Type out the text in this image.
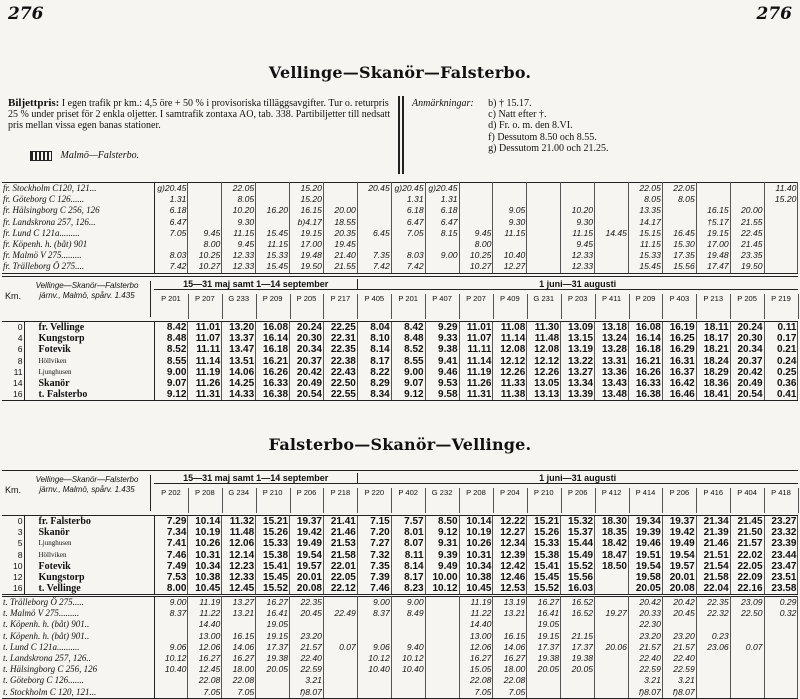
276	276
Vellinge—Skanör—Falsterbo.
Biljettpris: I egen trafik pr km.: 4,5 öre + 50 % i provisoriska tilläggsavgifter. Tur o. returpris 25 % under priset för 2 enkla oljetter. I samtrafik zontaxa AO, tab. 338. Partibiljetter till nedsatt pris mellan vissa egen banas stationer.
Malmö—Falsterbo.
Anmärkningar: b) † 15.17.
c) Natt efter †.
d) Fr. o. m. den 8.VI.
f) Dessutom 8.50 och 8.55.
g) Dessutom 21.00 och 21.25.
fr. Stockholm C120, 121...	g)20.45		22.05		15.20		20.45	g)20.45	g)20.45						22.05	22.05			11.40
fr. Göteborg C 126......	1.31		8.05		15.20			1.31	1.31						8.05	8.05			15.20
fr. Hälsingborg C 256, 126	6.18		10.20	16.20	16.15	20.00		6.18	6.18		9.05		10.20		13.35		16.15	20.00	
fr. Landskrona 257, 126...	6.47		9.30		b)4.17	18.55		6.47	6.47		9.30		9.30		14.17		†5.17	21.55	
fr. Lund C 121a.........	7.05	9.45	11.15	15.45	19.15	20.35	6.45	7.05	8.15	9.45	11.15		11.15	14.45	15.15	16.45	19.15	22.45	
fr. Köpenh. h. (båt) 901		8.00	9.45	11.15	17.00	19.45				8.00			9.45		11.15	15.30	17.00	21.45	
fr. Malmö V 275.........	8.03	10.25	12.33	15.33	19.48	21.40	7.35	8.03	9.00	10.25	10.40		12.33		15.33	17.35	19.48	23.35	
fr. Trälleborg Ö 275....	7.42	10.27	12.33	15.45	19.50	21.55	7.42	7.42		10.27	12.27		12.33		15.45	15.56	17.47	19.50	
Km.
Vellinge—Skanör—Falsterbo järnv., Malmö, spårv. 1.435
15—31 maj samt 1—14 september	1 juni—31 augusti
P 201	P 207	G 233	P 209	P 205	P 217	P 405	P 201	P 407	P 207	P 409	G 231	P 203	P 411	P 209	P 403	P 213	P 205	P 219
0	fr. Vellinge	8.42	11.01	13.20	16.08	20.24	22.25	8.04	8.42	9.29	11.01	11.08	11.30	13.09	13.18	16.08	16.19	18.11	20.24	0.11
4	Kungstorp	8.48	11.07	13.37	16.14	20.30	22.31	8.10	8.48	9.33	11.07	11.14	11.48	13.15	13.24	16.14	16.25	18.17	20.30	0.17
6	Fotevik	8.52	11.11	13.47	16.18	20.34	22.35	8.14	8.52	9.38	11.11	12.08	12.08	13.19	13.28	16.18	16.29	18.21	20.34	0.21
8	Höllviken	8.55	11.14	13.51	16.21	20.37	22.38	8.17	8.55	9.41	11.14	12.12	12.12	13.22	13.31	16.21	16.31	18.24	20.37	0.24
11	Ljunghusen	9.00	11.19	14.06	16.26	20.42	22.43	8.22	9.00	9.46	11.19	12.26	12.26	13.27	13.36	16.26	16.37	18.29	20.42	0.25
14	Skanör	9.07	11.26	14.25	16.33	20.49	22.50	8.29	9.07	9.53	11.26	11.33	13.05	13.34	13.43	16.33	16.42	18.36	20.49	0.36
16	t. Falsterbo	9.12	11.31	14.33	16.38	20.54	22.55	8.34	9.12	9.58	11.31	11.38	13.13	13.39	13.48	16.38	16.46	18.41	20.54	0.41
Falsterbo—Skanör—Vellinge.
Km.
Vellinge—Skanör—Falsterbo järnv., Malmö, spårv. 1.435
15—31 maj samt 1—14 september	1 juni—31 augusti
P 202	P 208	G 234	P 210	P 206	P 218	P 220	P 402	G 232	P 208	P 204	P 210	P 206	P 412	P 414	P 206	P 416	P 404	P 418
0	fr. Falsterbo	7.29	10.14	11.32	15.21	19.37	21.41	7.15	7.57	8.50	10.14	12.22	15.21	15.32	18.30	19.34	19.37	21.34	21.45	23.27
3	Skanör	7.34	10.19	11.48	15.26	19.42	21.46	7.20	8.01	9.12	10.19	12.27	15.26	15.37	18.35	19.39	19.42	21.39	21.50	23.32
5	Ljunghusen	7.41	10.26	12.06	15.33	19.49	21.53	7.27	8.07	9.31	10.26	12.34	15.33	15.44	18.42	19.46	19.49	21.46	21.57	23.39
8	Höllviken	7.46	10.31	12.14	15.38	19.54	21.58	7.32	8.11	9.39	10.31	12.39	15.38	15.49	18.47	19.51	19.54	21.51	22.02	23.44
10	Fotevik	7.49	10.34	12.23	15.41	19.57	22.01	7.35	8.14	9.49	10.34	12.42	15.41	15.52	18.50	19.54	19.57	21.54	22.05	23.47
12	Kungstorp	7.53	10.38	12.33	15.45	20.01	22.05	7.39	8.17	10.00	10.38	12.46	15.45	15.56		19.58	20.01	21.58	22.09	23.51
16	t. Vellinge	8.00	10.45	12.45	15.52	20.08	22.12	7.46	8.23	10.12	10.45	12.53	15.52	16.03		20.05	20.08	22.04	22.16	23.58
t. Trälleborg Ö 275.....	9.00	11.19	13.27	16.27	22.35		9.00	9.00		11.19	13.19	16.27	16.52		20.42	20.42	22.35	23.09	0.29
t. Malmö V 275.........	8.37	11.22	13.21	16.41	20.45	22.49	8.37	8.49		11.22	13.21	16.41	16.52	19.27	20.33	20.45	22.32	22.50	0.32
t. Köpenh. h. (båt) 901..		14.40		19.05						14.40		19.05			22.30				
t. Köpenh. h. (båt) 901..		13.00	16.15	19.15	23.20					13.00	16.15	19.15	21.15		23.20	23.20	0.23		
t. Lund C 121a..........	9.06	12.06	14.06	17.37	21.57	0.07	9.06	9.40		12.06	14.06	17.37	17.37	20.06	21.57	21.57	23.06	0.07	
t. Landskrona 257, 126..	10.12	16.27	16.27	19.38	22.40		10.12	10.12		16.27	16.27	19.38	19.38		22.40	22.40			
t. Hälsingborg C 256, 126	10.40	12.45	18.00	20.05	22.59		10.40	10.40		15.05	18.00	20.05	20.05		22.59	22.59			
t. Göteborg C 126.......		22.08	22.08		3.21					22.08	22.08				3.21	3.21			
t. Stockholm C 120, 121...		7.05	7.05		f)8.07					7.05	7.05				f)8.07	f)8.07			
